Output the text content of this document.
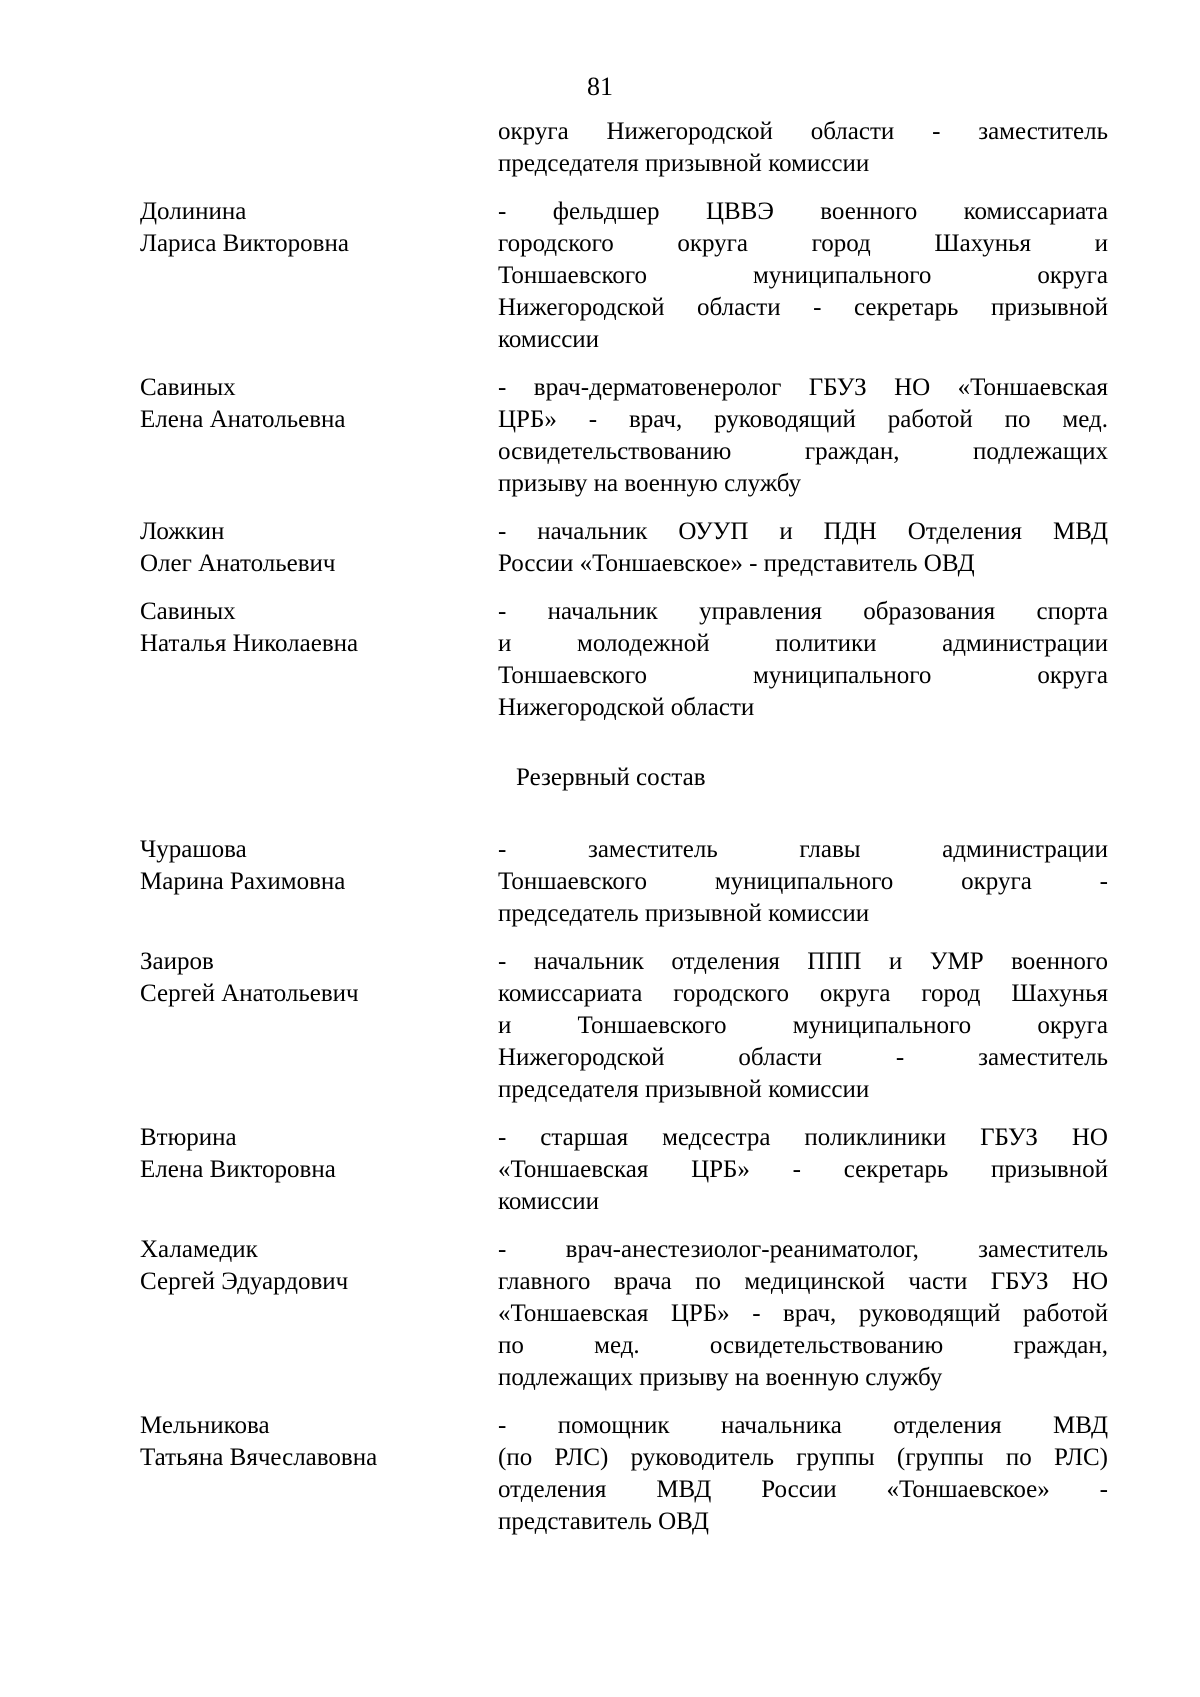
81
округа Нижегородской области - заместитель
председателя призывной комиссии
Долинина
Лариса Викторовна
- фельдшер ЦВВЭ военного комиссариата
городского округа город Шахунья и
Тоншаевского муниципального округа
Нижегородской области - секретарь призывной
комиссии
Савиных
Елена Анатольевна
- врач-дерматовенеролог ГБУЗ НО «Тоншаевская
ЦРБ» - врач, руководящий работой по мед.
освидетельствованию граждан, подлежащих
призыву на военную службу
Ложкин
Олег Анатольевич
- начальник ОУУП и ПДН Отделения МВД
России «Тоншаевское» - представитель ОВД
Савиных
Наталья Николаевна
- начальник управления образования спорта
и молодежной политики администрации
Тоншаевского муниципального округа
Нижегородской области
Резервный состав
Чурашова
Марина Рахимовна
- заместитель главы администрации
Тоншаевского муниципального округа -
председатель призывной комиссии
Заиров
Сергей Анатольевич
- начальник отделения ППП и УМР военного
комиссариата городского округа город Шахунья
и Тоншаевского муниципального округа
Нижегородской области - заместитель
председателя призывной комиссии
Втюрина
Елена Викторовна
- старшая медсестра поликлиники ГБУЗ НО
«Тоншаевская ЦРБ» - секретарь призывной
комиссии
Халамедик
Сергей Эдуардович
- врач-анестезиолог-реаниматолог, заместитель
главного врача по медицинской части ГБУЗ НО
«Тоншаевская ЦРБ» - врач, руководящий работой
по мед. освидетельствованию граждан,
подлежащих призыву на военную службу
Мельникова
Татьяна Вячеславовна
- помощник начальника отделения МВД
(по РЛС) руководитель группы (группы по РЛС)
отделения МВД России «Тоншаевское» -
представитель ОВД
